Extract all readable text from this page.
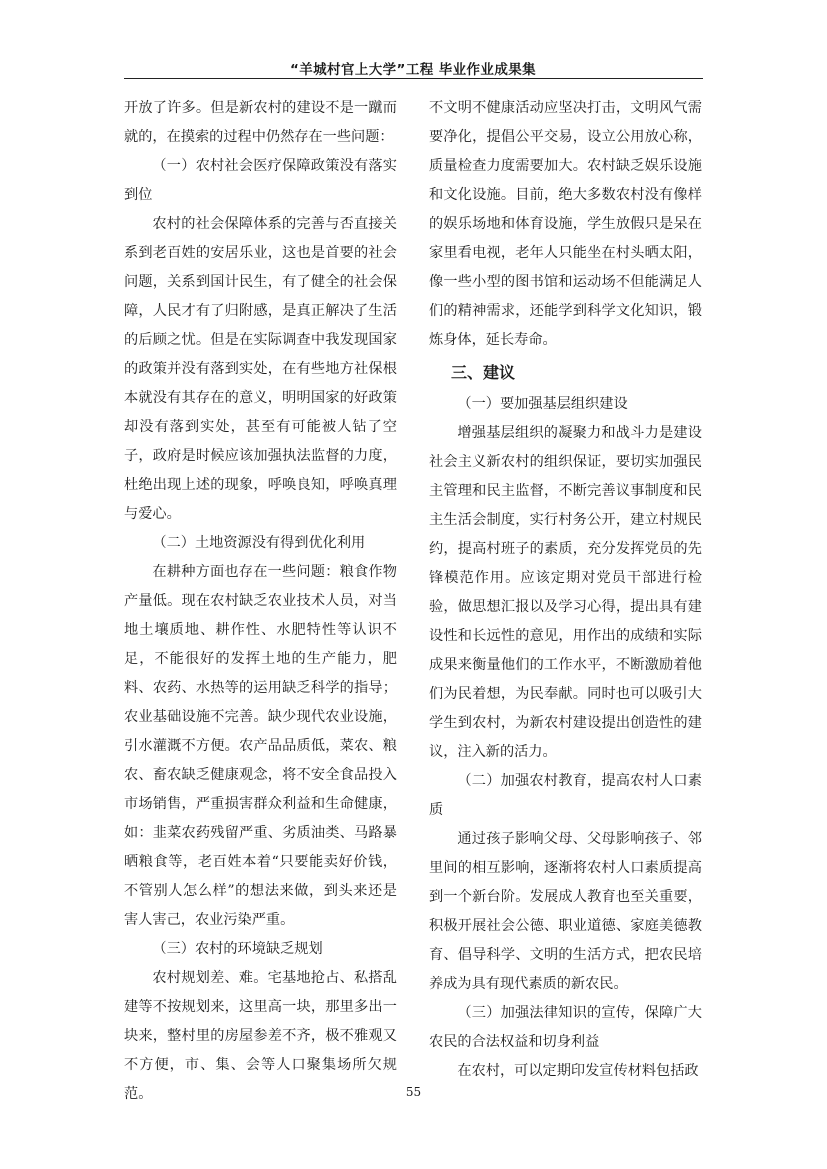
“羊城村官上大学”工程 毕业作业成果集

开放了许多。但是新农村的建设不是一蹴而就的，在摸索的过程中仍然存在一些问题：

（一）农村社会医疗保障政策没有落实到位

农村的社会保障体系的完善与否直接关系到老百姓的安居乐业，这也是首要的社会问题，关系到国计民生，有了健全的社会保障，人民才有了归附感，是真正解决了生活的后顾之忧。但是在实际调查中我发现国家的政策并没有落到实处，在有些地方社保根本就没有其存在的意义，明明国家的好政策却没有落到实处，甚至有可能被人钻了空子，政府是时候应该加强执法监督的力度，杜绝出现上述的现象，呼唤良知，呼唤真理与爱心。

（二）土地资源没有得到优化利用

在耕种方面也存在一些问题：粮食作物产量低。现在农村缺乏农业技术人员，对当地土壤质地、耕作性、水肥特性等认识不足，不能很好的发挥土地的生产能力，肥料、农药、水热等的运用缺乏科学的指导；农业基础设施不完善。缺少现代农业设施，引水灌溉不方便。农产品品质低，菜农、粮农、畜农缺乏健康观念，将不安全食品投入市场销售，严重损害群众利益和生命健康，如：韭菜农药残留严重、劣质油类、马路暴晒粮食等，老百姓本着“只要能卖好价钱，不管别人怎么样”的想法来做，到头来还是害人害己，农业污染严重。

（三）农村的环境缺乏规划

农村规划差、难。宅基地抢占、私搭乱建等不按规划来，这里高一块，那里多出一块来，整村里的房屋参差不齐，极不雅观又不方便，市、集、会等人口聚集场所欠规范。

不文明不健康活动应坚决打击，文明风气需要净化，提倡公平交易，设立公用放心称，质量检查力度需要加大。农村缺乏娱乐设施和文化设施。目前，绝大多数农村没有像样的娱乐场地和体育设施，学生放假只是呆在家里看电视，老年人只能坐在村头晒太阳，像一些小型的图书馆和运动场不但能满足人们的精神需求，还能学到科学文化知识，锻炼身体，延长寿命。

三、建议

（一）要加强基层组织建设

增强基层组织的凝聚力和战斗力是建设社会主义新农村的组织保证，要切实加强民主管理和民主监督，不断完善议事制度和民主生活会制度，实行村务公开，建立村规民约，提高村班子的素质，充分发挥党员的先锋模范作用。应该定期对党员干部进行检验，做思想汇报以及学习心得，提出具有建设性和长远性的意见，用作出的成绩和实际成果来衡量他们的工作水平，不断激励着他们为民着想，为民奉献。同时也可以吸引大学生到农村，为新农村建设提出创造性的建议，注入新的活力。

（二）加强农村教育，提高农村人口素质

通过孩子影响父母、父母影响孩子、邻里间的相互影响，逐渐将农村人口素质提高到一个新台阶。发展成人教育也至关重要，积极开展社会公德、职业道德、家庭美德教育、倡导科学、文明的生活方式，把农民培养成为具有现代素质的新农民。

（三）加强法律知识的宣传，保障广大农民的合法权益和切身利益

在农村，可以定期印发宣传材料包括政

55
